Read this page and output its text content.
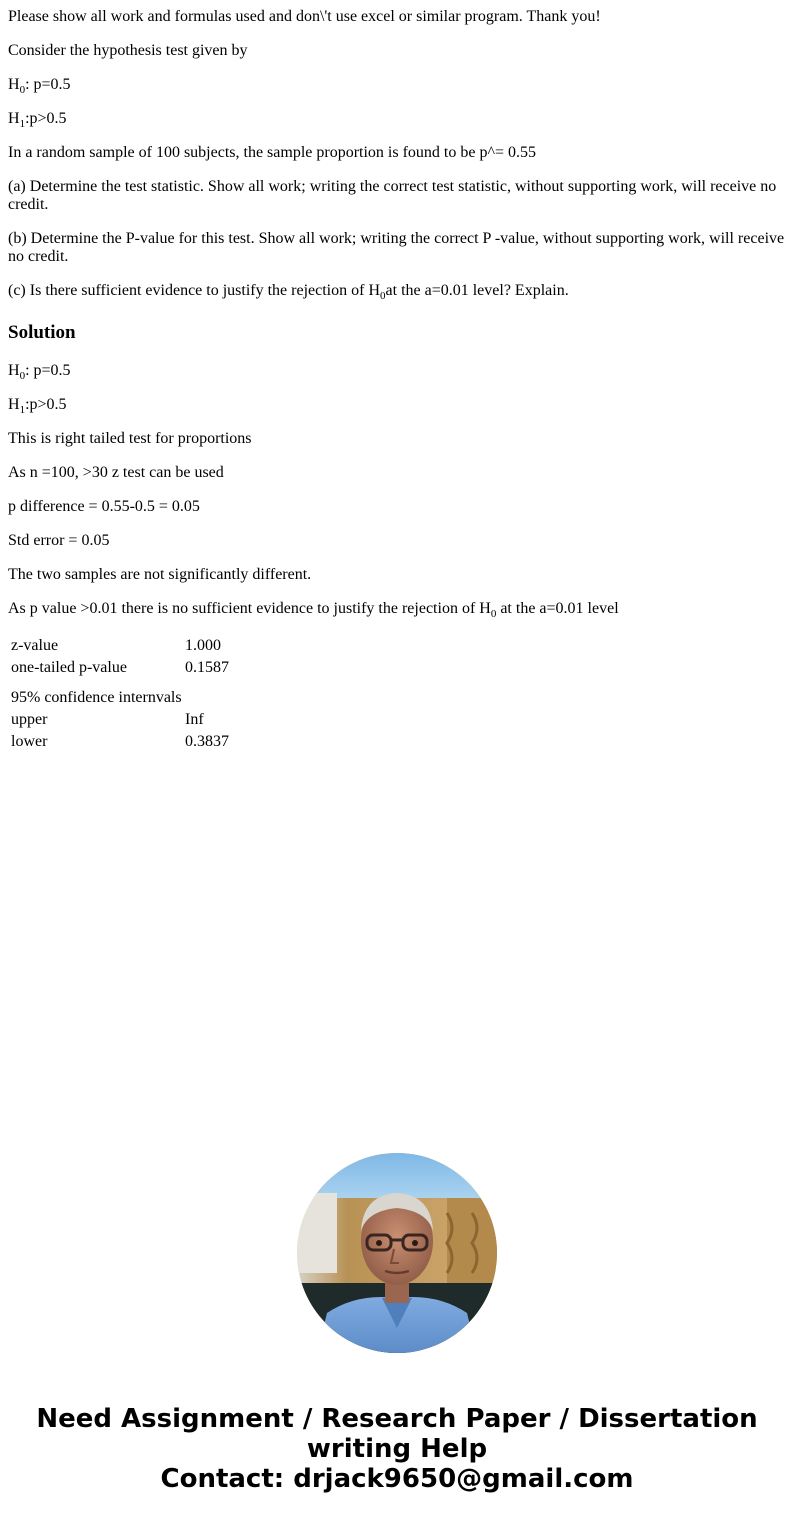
Please show all work and formulas used and don\'t use excel or similar program. Thank you!

Consider the hypothesis test given by

$H_0$: p=0.5

$H_1:p>0.5$

In a random sample of 100 subjects, the sample proportion is found to be p^= 0.55

(a) Determine the test statistic. Show all work; writing the correct test statistic, without supporting work, will receive no credit.

(b) Determine the P-value for this test. Show all work; writing the correct P -value, without supporting work, will receive no credit.

(c) Is there sufficient evidence to justify the rejection of $H_0at$ the a=0.01 level? Explain.

Solution

$H_0$: p=0.5

$H_1:p>0.5$

This is right tailed test for proportions

As n =100, >30 z test can be used

p difference = 0.55-0.5 = 0.05

Std error = 0.05

The two samples are not significantly different.

As p value >0.01 there is no sufficient evidence to justify the rejection of $H_0$ at the a=0.01 level

z-value	1.000
one-tailed p-value	0.1587

95% confidence internvals	
upper	Inf
lower	0.3837
Need Assignment / Research Paper / Dissertation
writing Help
Contact: drjack9650@gmail.com
